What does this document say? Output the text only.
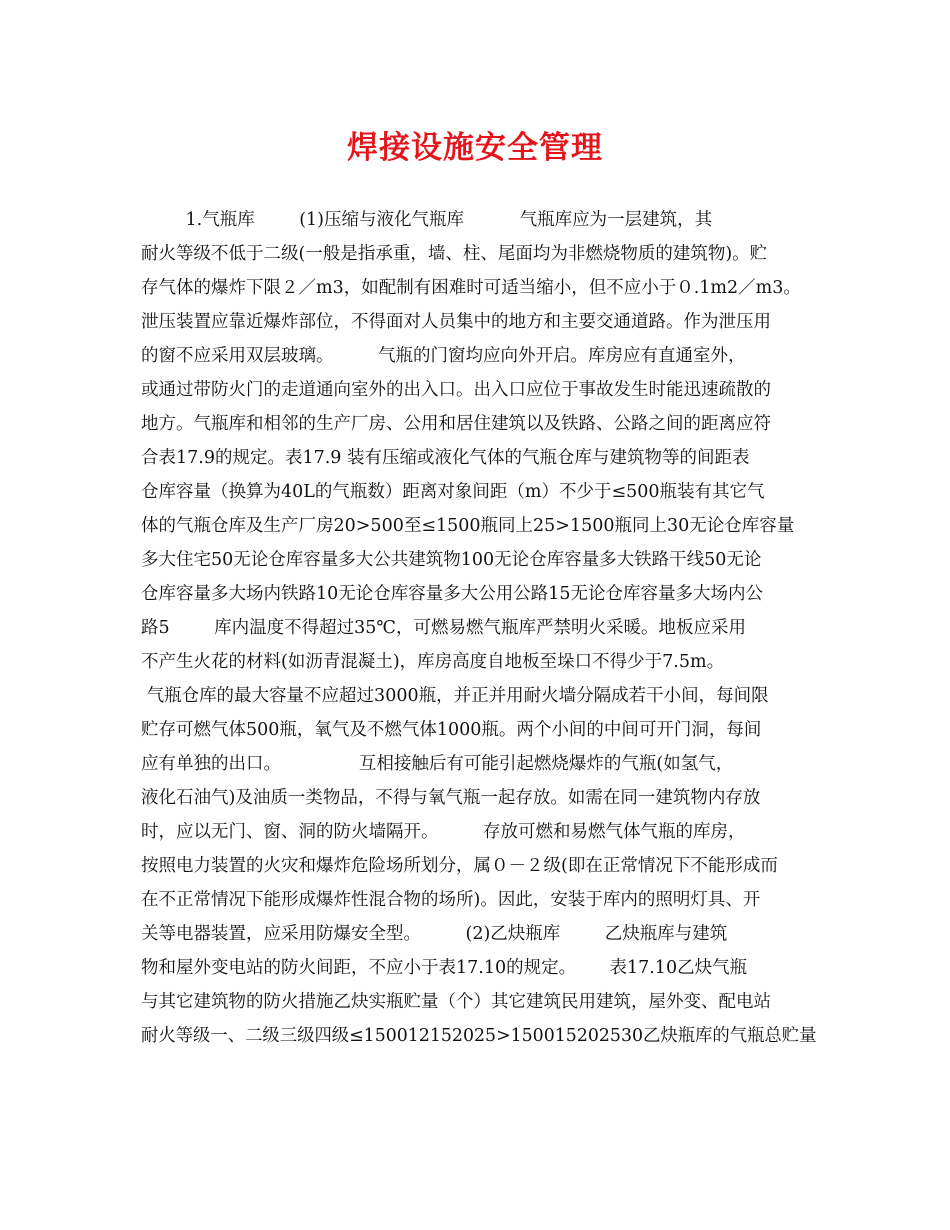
焊接设施安全管理
1.气瓶库        (1)压缩与液化气瓶库          气瓶库应为一层建筑，其
耐火等级不低于二级(一般是指承重，墙、柱、尾面均为非燃烧物质的建筑物)。贮
存气体的爆炸下限２／m3，如配制有困难时可适当缩小，但不应小于０.1m2／m3。
泄压装置应靠近爆炸部位，不得面对人员集中的地方和主要交通道路。作为泄压用
的窗不应采用双层玻璃。        气瓶的门窗均应向外开启。库房应有直通室外，
或通过带防火门的走道通向室外的出入口。出入口应位于事故发生时能迅速疏散的
地方。气瓶库和相邻的生产厂房、公用和居住建筑以及铁路、公路之间的距离应符
合表17.9的规定。表17.9 装有压缩或液化气体的气瓶仓库与建筑物等的间距表
仓库容量（换算为40L的气瓶数）距离对象间距（m）不少于≤500瓶装有其它气
体的气瓶仓库及生产厂房20>500至≤1500瓶同上25>1500瓶同上30无论仓库容量
多大住宅50无论仓库容量多大公共建筑物100无论仓库容量多大铁路干线50无论
仓库容量多大场内铁路10无论仓库容量多大公用公路15无论仓库容量多大场内公
路5        库内温度不得超过35℃，可燃易燃气瓶库严禁明火采暖。地板应采用
不产生火花的材料(如沥青混凝土)，库房高度自地板至垛口不得少于7.5m。
气瓶仓库的最大容量不应超过3000瓶，并正并用耐火墙分隔成若干小间，每间限
贮存可燃气体500瓶，氧气及不燃气体1000瓶。两个小间的中间可开门洞，每间
应有单独的出口。              互相接触后有可能引起燃烧爆炸的气瓶(如氢气，
液化石油气)及油质一类物品，不得与氧气瓶一起存放。如需在同一建筑物内存放
时，应以无门、窗、洞的防火墙隔开。        存放可燃和易燃气体气瓶的库房，
按照电力装置的火灾和爆炸危险场所划分，属０－２级(即在正常情况下不能形成而
在不正常情况下能形成爆炸性混合物的场所)。因此，安装于库内的照明灯具、开
关等电器装置，应采用防爆安全型。        (2)乙炔瓶库        乙炔瓶库与建筑
物和屋外变电站的防火间距，不应小于表17.10的规定。      表17.10乙炔气瓶
与其它建筑物的防火措施乙炔实瓶贮量（个）其它建筑民用建筑，屋外变、配电站
耐火等级一、二级三级四级≤150012152025>150015202530乙炔瓶库的气瓶总贮量
